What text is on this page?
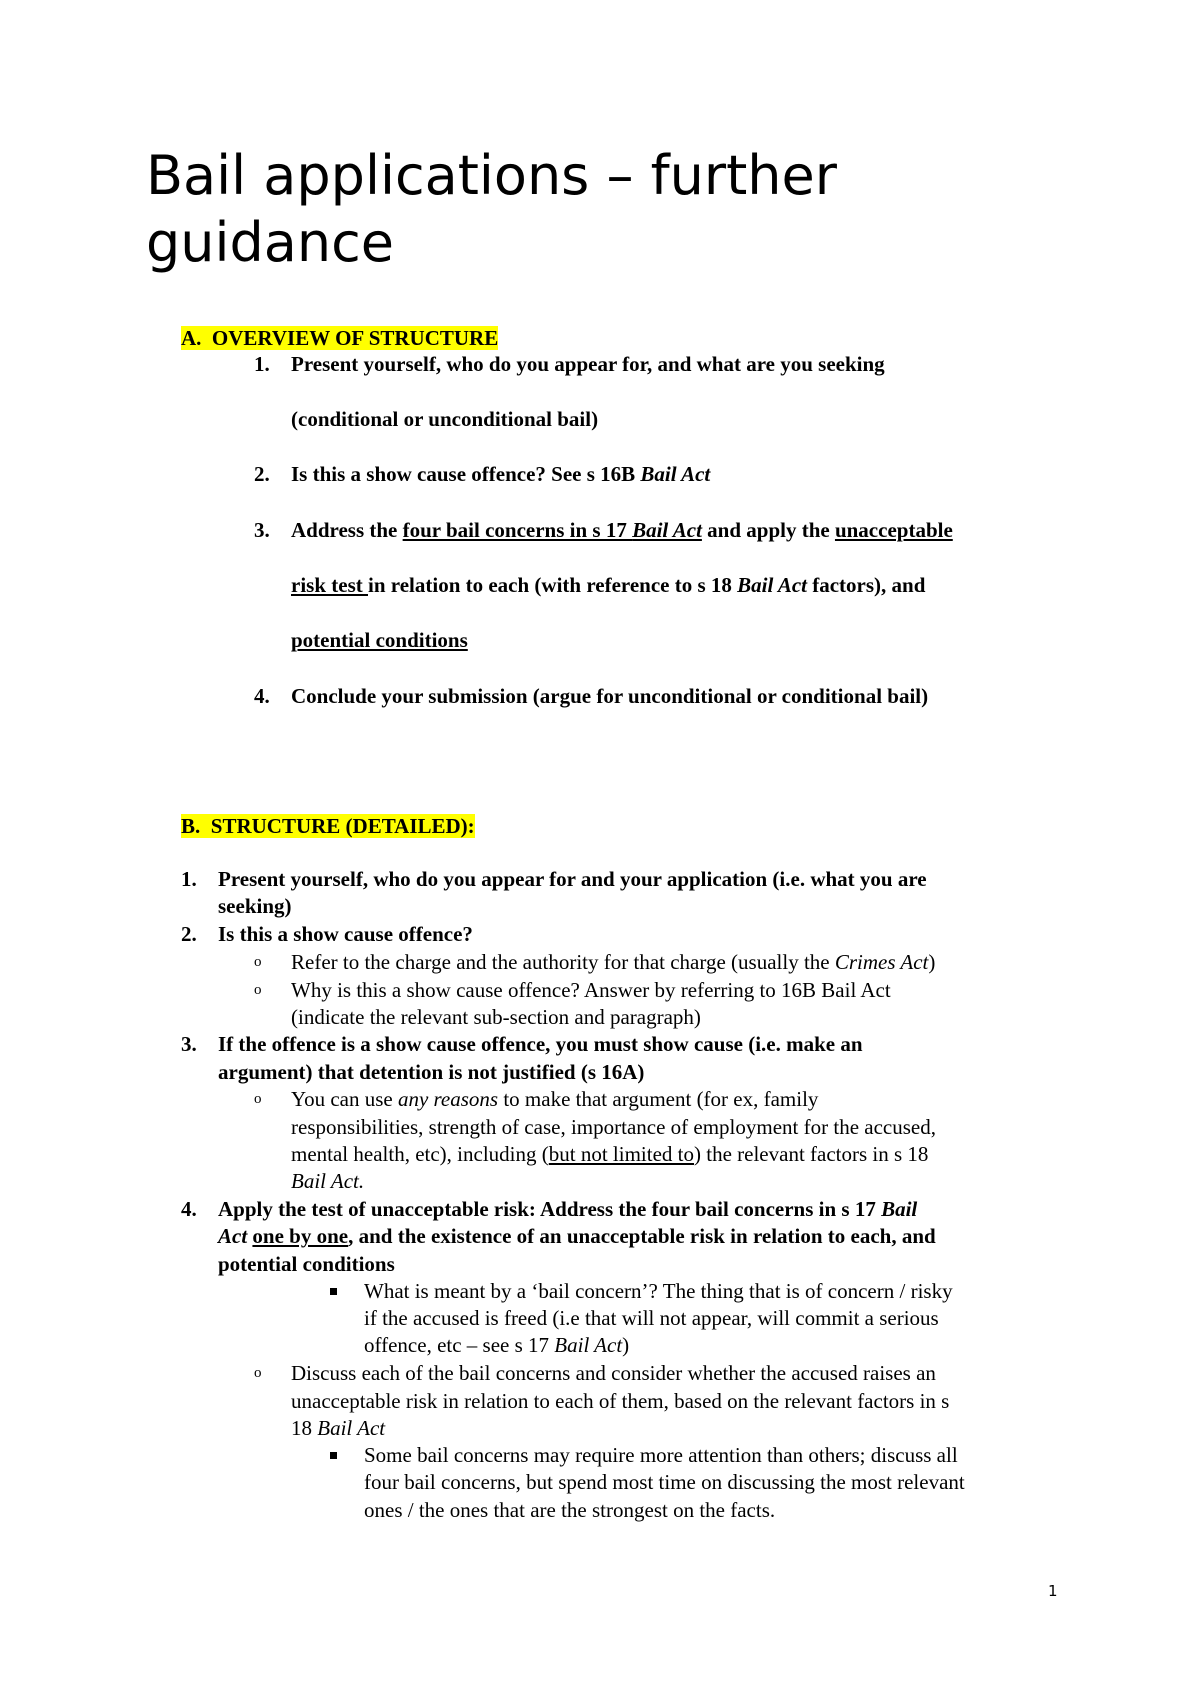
Bail applications – further guidance
A. OVERVIEW OF STRUCTURE
1. Present yourself, who do you appear for, and what are you seeking
(conditional or unconditional bail)
2. Is this a show cause offence? See s 16B Bail Act
3. Address the four bail concerns in s 17 Bail Act and apply the unacceptable
risk test in relation to each (with reference to s 18 Bail Act factors), and
potential conditions
4. Conclude your submission (argue for unconditional or conditional bail)
B. STRUCTURE (DETAILED):
1. Present yourself, who do you appear for and your application (i.e. what you are
seeking)
2. Is this a show cause offence?
o Refer to the charge and the authority for that charge (usually the Crimes Act)
o Why is this a show cause offence? Answer by referring to 16B Bail Act
(indicate the relevant sub-section and paragraph)
3. If the offence is a show cause offence, you must show cause (i.e. make an
argument) that detention is not justified (s 16A)
o You can use any reasons to make that argument (for ex, family
responsibilities, strength of case, importance of employment for the accused,
mental health, etc), including (but not limited to) the relevant factors in s 18
Bail Act.
4. Apply the test of unacceptable risk: Address the four bail concerns in s 17 Bail
Act one by one, and the existence of an unacceptable risk in relation to each, and
potential conditions
What is meant by a ‘bail concern’? The thing that is of concern / risky
if the accused is freed (i.e that will not appear, will commit a serious
offence, etc – see s 17 Bail Act)
o Discuss each of the bail concerns and consider whether the accused raises an
unacceptable risk in relation to each of them, based on the relevant factors in s
18 Bail Act
Some bail concerns may require more attention than others; discuss all
four bail concerns, but spend most time on discussing the most relevant
ones / the ones that are the strongest on the facts.
1
